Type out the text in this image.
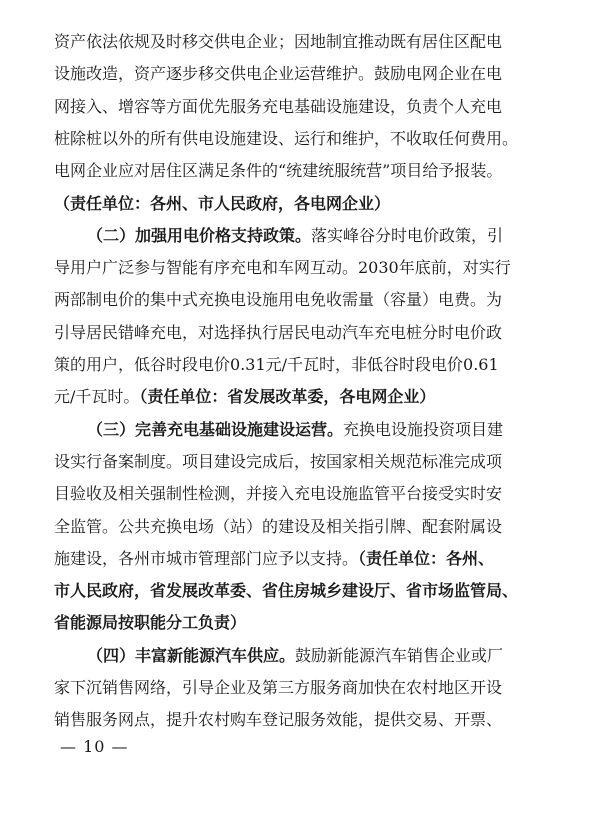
资产依法依规及时移交供电企业；因地制宜推动既有居住区配电
设施改造，资产逐步移交供电企业运营维护。鼓励电网企业在电
网接入、增容等方面优先服务充电基础设施建设，负责个人充电
桩除桩以外的所有供电设施建设、运行和维护，不收取任何费用。
电网企业应对居住区满足条件的“统建统服统营”项目给予报装。
（责任单位：各州、市人民政府，各电网企业）
（二）加强用电价格支持政策。落实峰谷分时电价政策，引
导用户广泛参与智能有序充电和车网互动。2030年底前，对实行
两部制电价的集中式充换电设施用电免收需量（容量）电费。为
引导居民错峰充电，对选择执行居民电动汽车充电桩分时电价政
策的用户，低谷时段电价0.31元/千瓦时，非低谷时段电价0.61
元/千瓦时。（责任单位：省发展改革委，各电网企业）
（三）完善充电基础设施建设运营。充换电设施投资项目建
设实行备案制度。项目建设完成后，按国家相关规范标准完成项
目验收及相关强制性检测，并接入充电设施监管平台接受实时安
全监管。公共充换电场（站）的建设及相关指引牌、配套附属设
施建设，各州市城市管理部门应予以支持。（责任单位：各州、
市人民政府，省发展改革委、省住房城乡建设厅、省市场监管局、
省能源局按职能分工负责）
（四）丰富新能源汽车供应。鼓励新能源汽车销售企业或厂
家下沉销售网络，引导企业及第三方服务商加快在农村地区开设
销售服务网点，提升农村购车登记服务效能，提供交易、开票、
— 10 —
